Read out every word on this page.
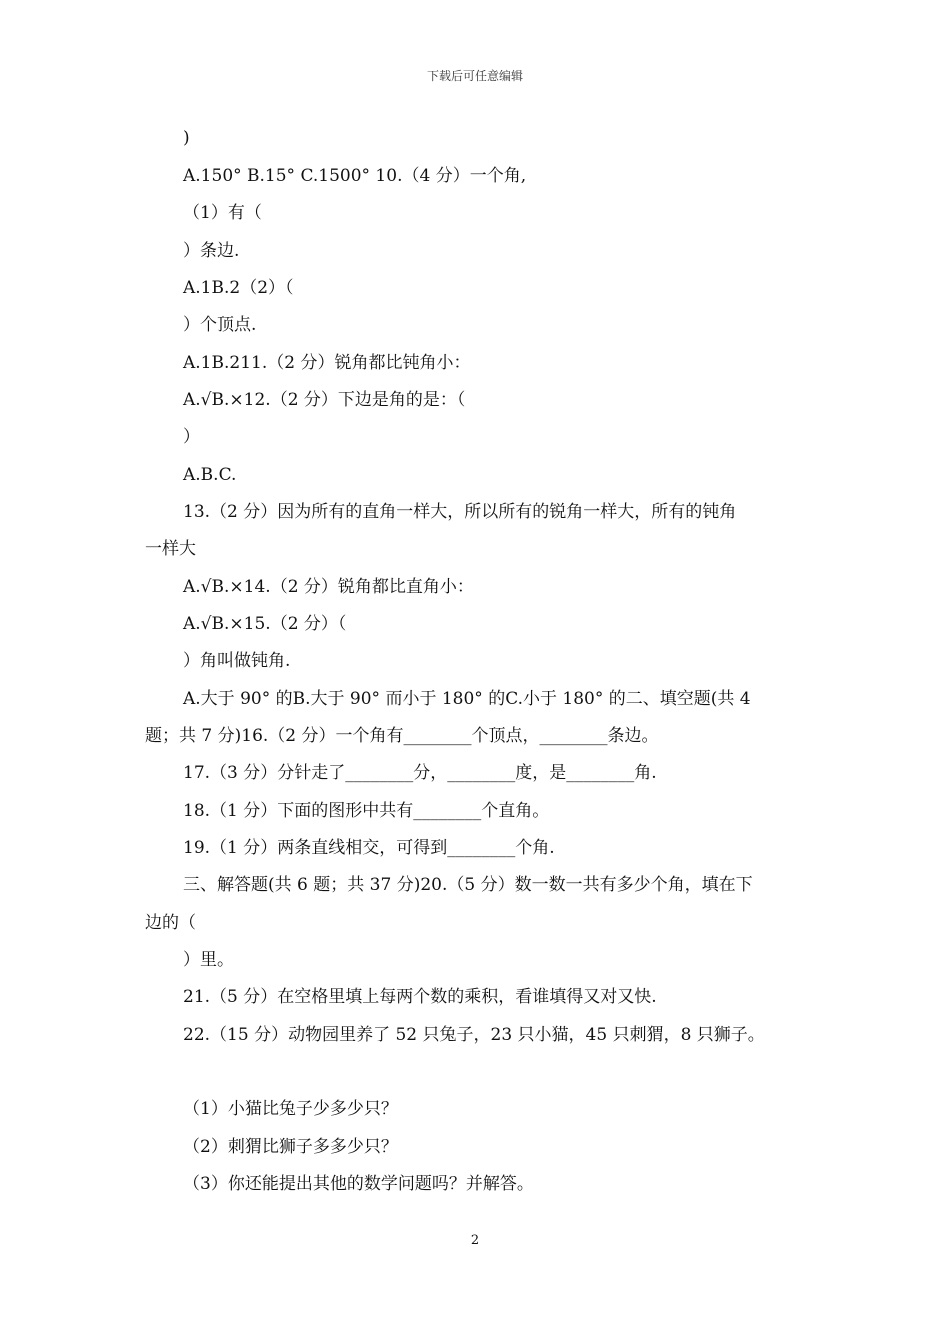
下载后可任意编辑
)
A.150° B.15° C.1500° 10.（4 分）一个角,
（1）有（
）条边.
A.1B.2（2）（
）个顶点.
A.1B.211.（2 分）锐角都比钝角小：
A.√B.×12.（2 分）下边是角的是：（
）
A.B.C.
13.（2 分）因为所有的直角一样大，所以所有的锐角一样大，所有的钝角
一样大
A.√B.×14.（2 分）锐角都比直角小：
A.√B.×15.（2 分）（
）角叫做钝角.
A.大于 90° 的B.大于 90° 而小于 180° 的C.小于 180° 的二、填空题(共 4
题；共 7 分)16.（2 分）一个角有________个顶点，________条边。
17.（3 分）分针走了________分，________度，是________角.
18.（1 分）下面的图形中共有________个直角。
19.（1 分）两条直线相交，可得到________个角.
三、解答题(共 6 题；共 37 分)20.（5 分）数一数一共有多少个角，填在下
边的（
）里。
21.（5 分）在空格里填上每两个数的乘积，看谁填得又对又快.
22.（15 分）动物园里养了 52 只兔子，23 只小猫，45 只刺猬，8 只狮子。
（1）小猫比兔子少多少只？
（2）刺猬比狮子多多少只？
（3）你还能提出其他的数学问题吗？并解答。
2
